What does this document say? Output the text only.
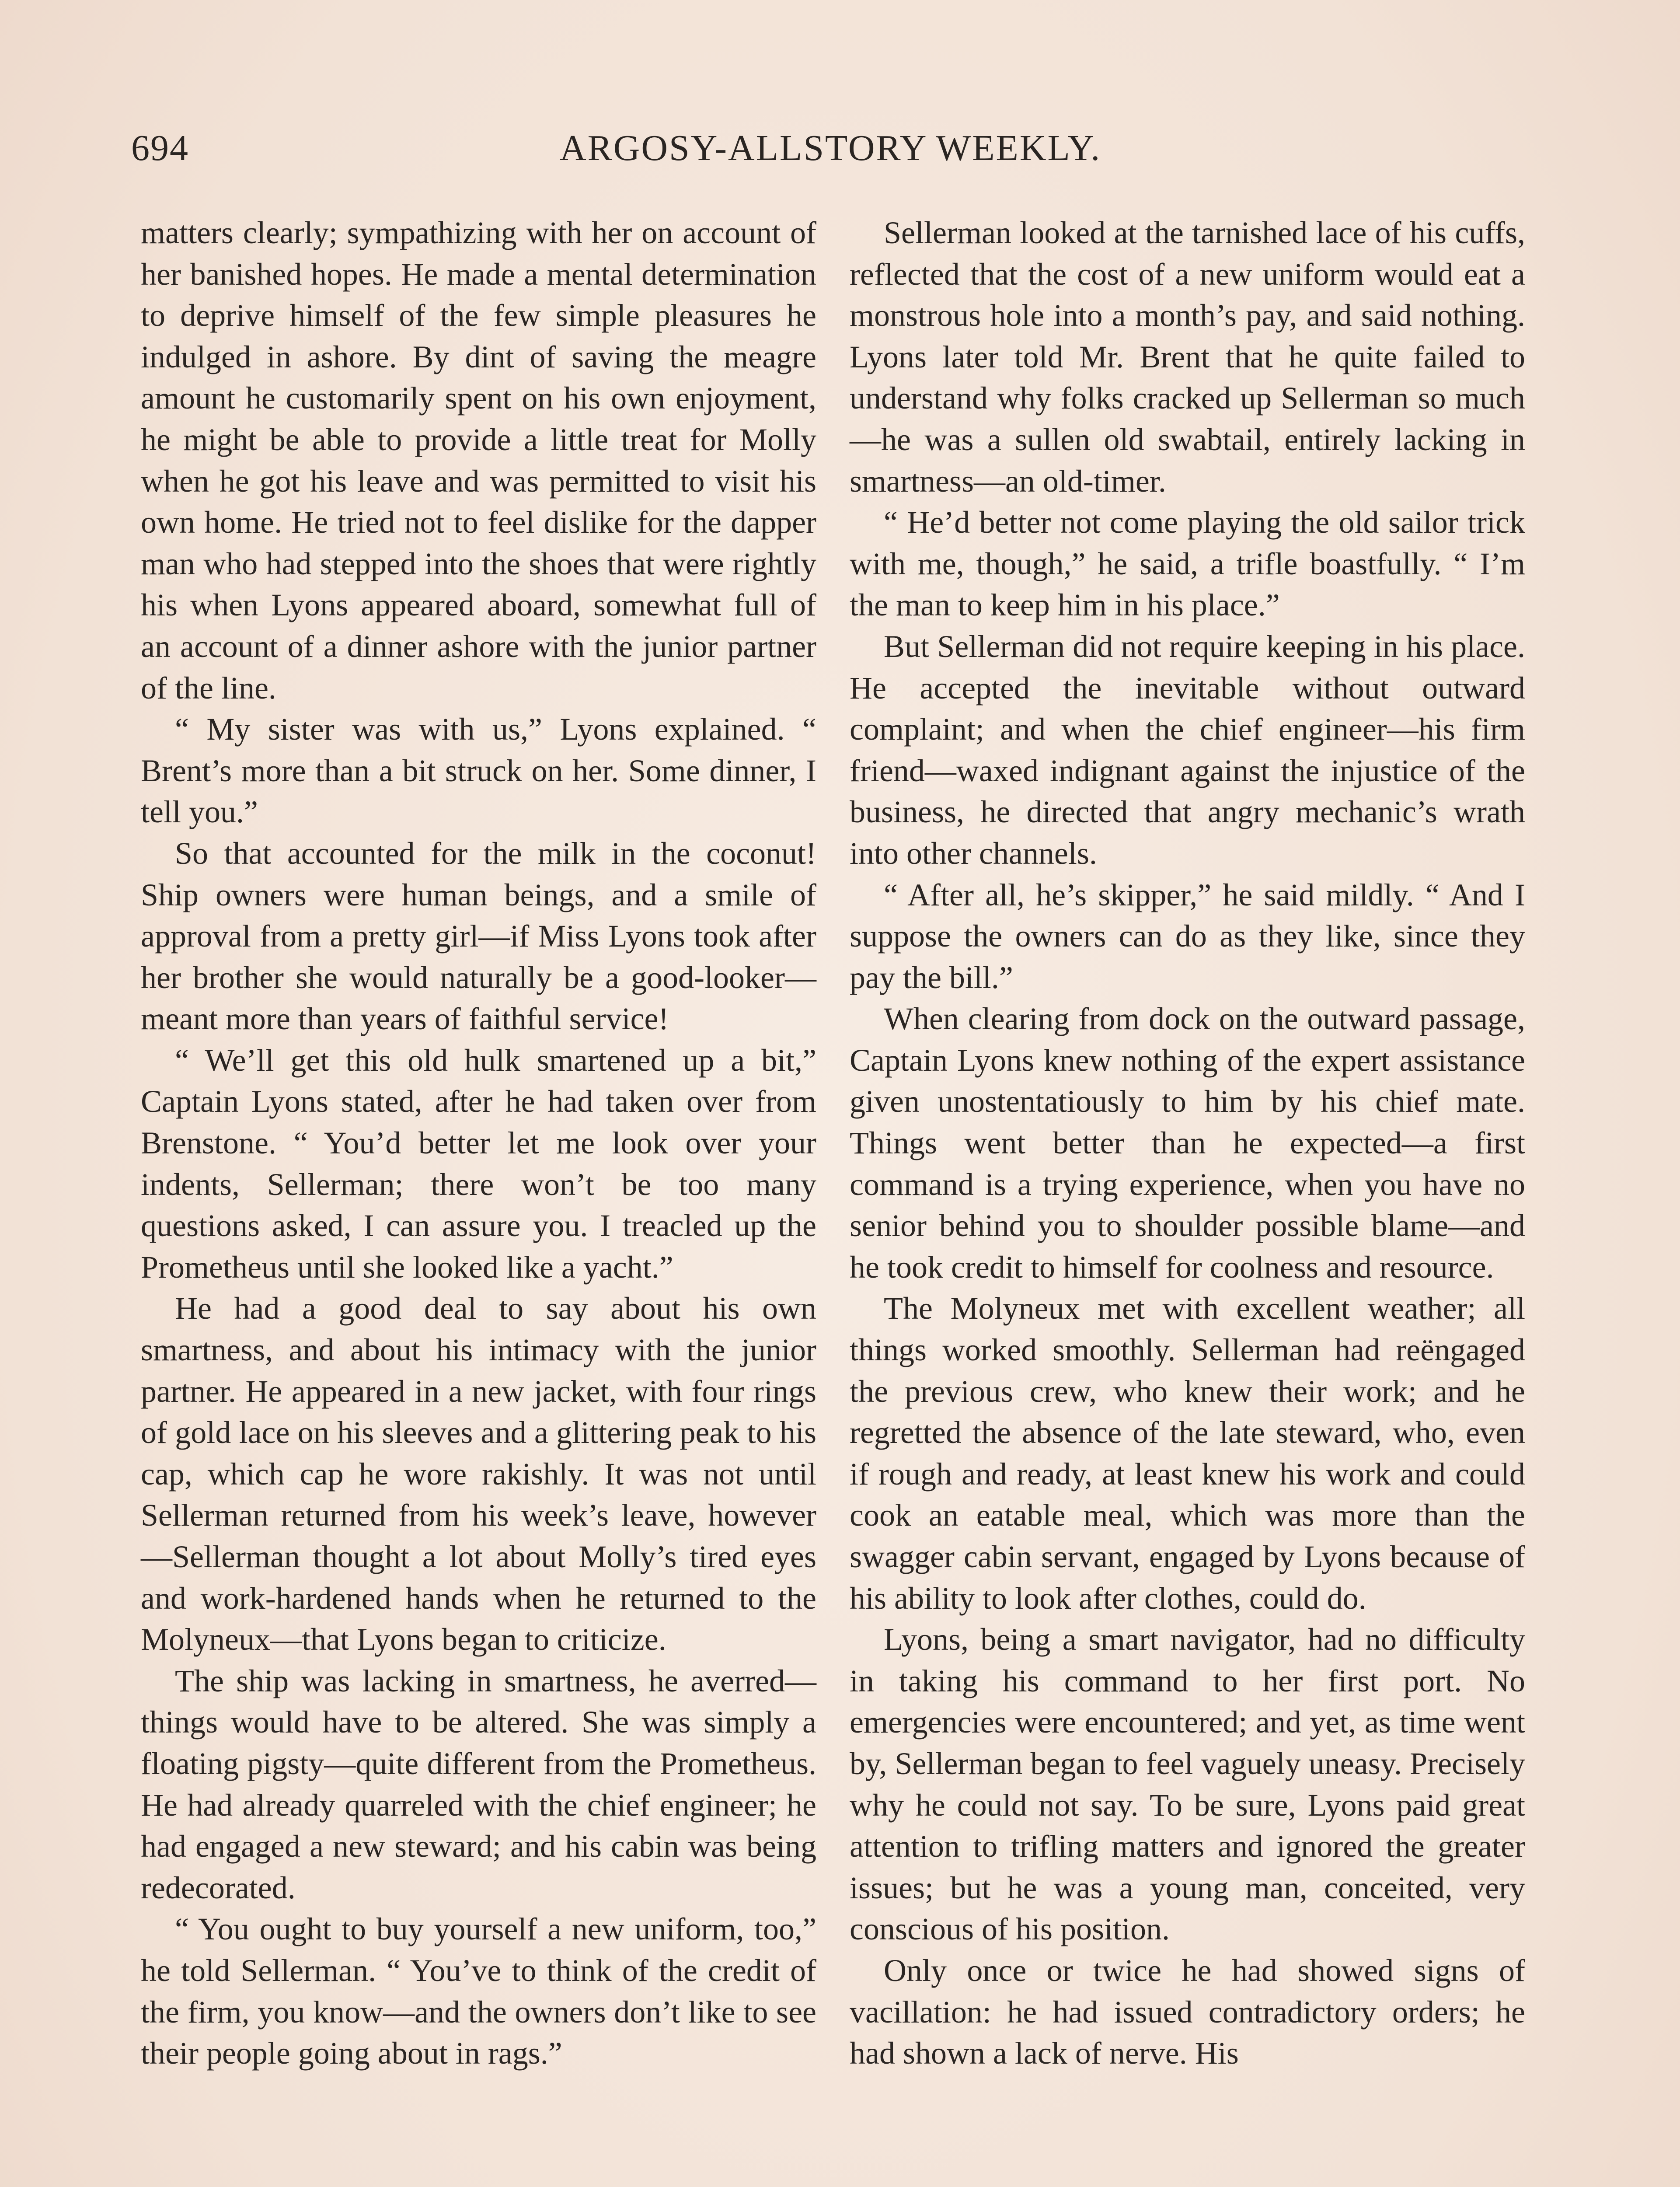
694	ARGOSY-ALLSTORY WEEKLY.

matters clearly; sympathizing with her on account of her banished hopes. He made a mental determination to deprive himself of the few simple pleasures he indulged in ashore. By dint of saving the meagre amount he customarily spent on his own enjoyment, he might be able to provide a little treat for Molly when he got his leave and was permitted to visit his own home. He tried not to feel dislike for the dapper man who had stepped into the shoes that were rightly his when Lyons appeared aboard, somewhat full of an account of a dinner ashore with the junior partner of the line.

“ My sister was with us,” Lyons explained. “ Brent’s more than a bit struck on her. Some dinner, I tell you.”

So that accounted for the milk in the coconut! Ship owners were human beings, and a smile of approval from a pretty girl—if Miss Lyons took after her brother she would naturally be a good-looker—meant more than years of faithful service!

“ We’ll get this old hulk smartened up a bit,” Captain Lyons stated, after he had taken over from Brenstone. “ You’d better let me look over your indents, Sellerman; there won’t be too many questions asked, I can assure you. I treacled up the Prometheus until she looked like a yacht.”

He had a good deal to say about his own smartness, and about his intimacy with the junior partner. He appeared in a new jacket, with four rings of gold lace on his sleeves and a glittering peak to his cap, which cap he wore rakishly. It was not until Sellerman returned from his week’s leave, however—Sellerman thought a lot about Molly’s tired eyes and work-hardened hands when he returned to the Molyneux—that Lyons began to criticize.

The ship was lacking in smartness, he averred—things would have to be altered. She was simply a floating pigsty—quite different from the Prometheus. He had already quarreled with the chief engineer; he had engaged a new steward; and his cabin was being redecorated.

“ You ought to buy yourself a new uniform, too,” he told Sellerman. “ You’ve to think of the credit of the firm, you know—and the owners don’t like to see their people going about in rags.”

Sellerman looked at the tarnished lace of his cuffs, reflected that the cost of a new uniform would eat a monstrous hole into a month’s pay, and said nothing. Lyons later told Mr. Brent that he quite failed to understand why folks cracked up Sellerman so much—he was a sullen old swabtail, entirely lacking in smartness—an old-timer.

“ He’d better not come playing the old sailor trick with me, though,” he said, a trifle boastfully. “ I’m the man to keep him in his place.”

But Sellerman did not require keeping in his place. He accepted the inevitable without outward complaint; and when the chief engineer—his firm friend—waxed indignant against the injustice of the business, he directed that angry mechanic’s wrath into other channels.

“ After all, he’s skipper,” he said mildly. “ And I suppose the owners can do as they like, since they pay the bill.”

When clearing from dock on the outward passage, Captain Lyons knew nothing of the expert assistance given unostentatiously to him by his chief mate. Things went better than he expected—a first command is a trying experience, when you have no senior behind you to shoulder possible blame—and he took credit to himself for coolness and resource.

The Molyneux met with excellent weather; all things worked smoothly. Sellerman had reëngaged the previous crew, who knew their work; and he regretted the absence of the late steward, who, even if rough and ready, at least knew his work and could cook an eatable meal, which was more than the swagger cabin servant, engaged by Lyons because of his ability to look after clothes, could do.

Lyons, being a smart navigator, had no difficulty in taking his command to her first port. No emergencies were encountered; and yet, as time went by, Sellerman began to feel vaguely uneasy. Precisely why he could not say. To be sure, Lyons paid great attention to trifling matters and ignored the greater issues; but he was a young man, conceited, very conscious of his position.

Only once or twice he had showed signs of vacillation: he had issued contradictory orders; he had shown a lack of nerve. His
